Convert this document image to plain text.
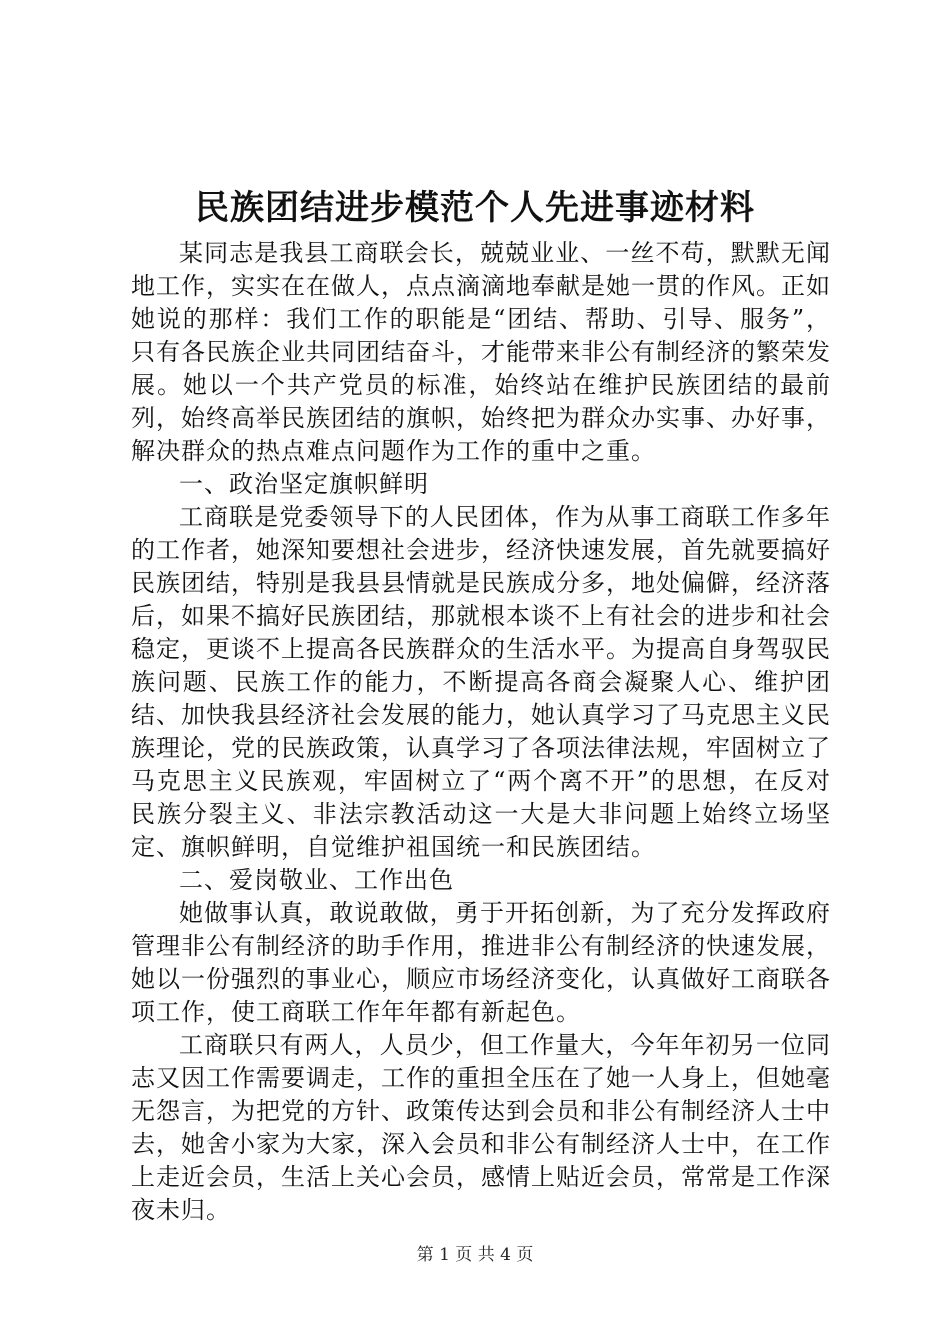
民族团结进步模范个人先进事迹材料

某同志是我县工商联会长，兢兢业业、一丝不苟，默默无闻地工作，实实在在做人，点点滴滴地奉献是她一贯的作风。正如她说的那样：我们工作的职能是“团结、帮助、引导、服务”，只有各民族企业共同团结奋斗，才能带来非公有制经济的繁荣发展。她以一个共产党员的标准，始终站在维护民族团结的最前列，始终高举民族团结的旗帜，始终把为群众办实事、办好事，解决群众的热点难点问题作为工作的重中之重。

一、政治坚定旗帜鲜明

工商联是党委领导下的人民团体，作为从事工商联工作多年的工作者，她深知要想社会进步，经济快速发展，首先就要搞好民族团结，特别是我县县情就是民族成分多，地处偏僻，经济落后，如果不搞好民族团结，那就根本谈不上有社会的进步和社会稳定，更谈不上提高各民族群众的生活水平。为提高自身驾驭民族问题、民族工作的能力，不断提高各商会凝聚人心、维护团结、加快我县经济社会发展的能力，她认真学习了马克思主义民族理论，党的民族政策，认真学习了各项法律法规，牢固树立了马克思主义民族观，牢固树立了“两个离不开”的思想，在反对民族分裂主义、非法宗教活动这一大是大非问题上始终立场坚定、旗帜鲜明，自觉维护祖国统一和民族团结。

二、爱岗敬业、工作出色

她做事认真，敢说敢做，勇于开拓创新，为了充分发挥政府管理非公有制经济的助手作用，推进非公有制经济的快速发展，她以一份强烈的事业心，顺应市场经济变化，认真做好工商联各项工作，使工商联工作年年都有新起色。

工商联只有两人，人员少，但工作量大，今年年初另一位同志又因工作需要调走，工作的重担全压在了她一人身上，但她毫无怨言，为把党的方针、政策传达到会员和非公有制经济人士中去，她舍小家为大家，深入会员和非公有制经济人士中，在工作上走近会员，生活上关心会员，感情上贴近会员，常常是工作深夜未归。

第 1 页 共 4 页
